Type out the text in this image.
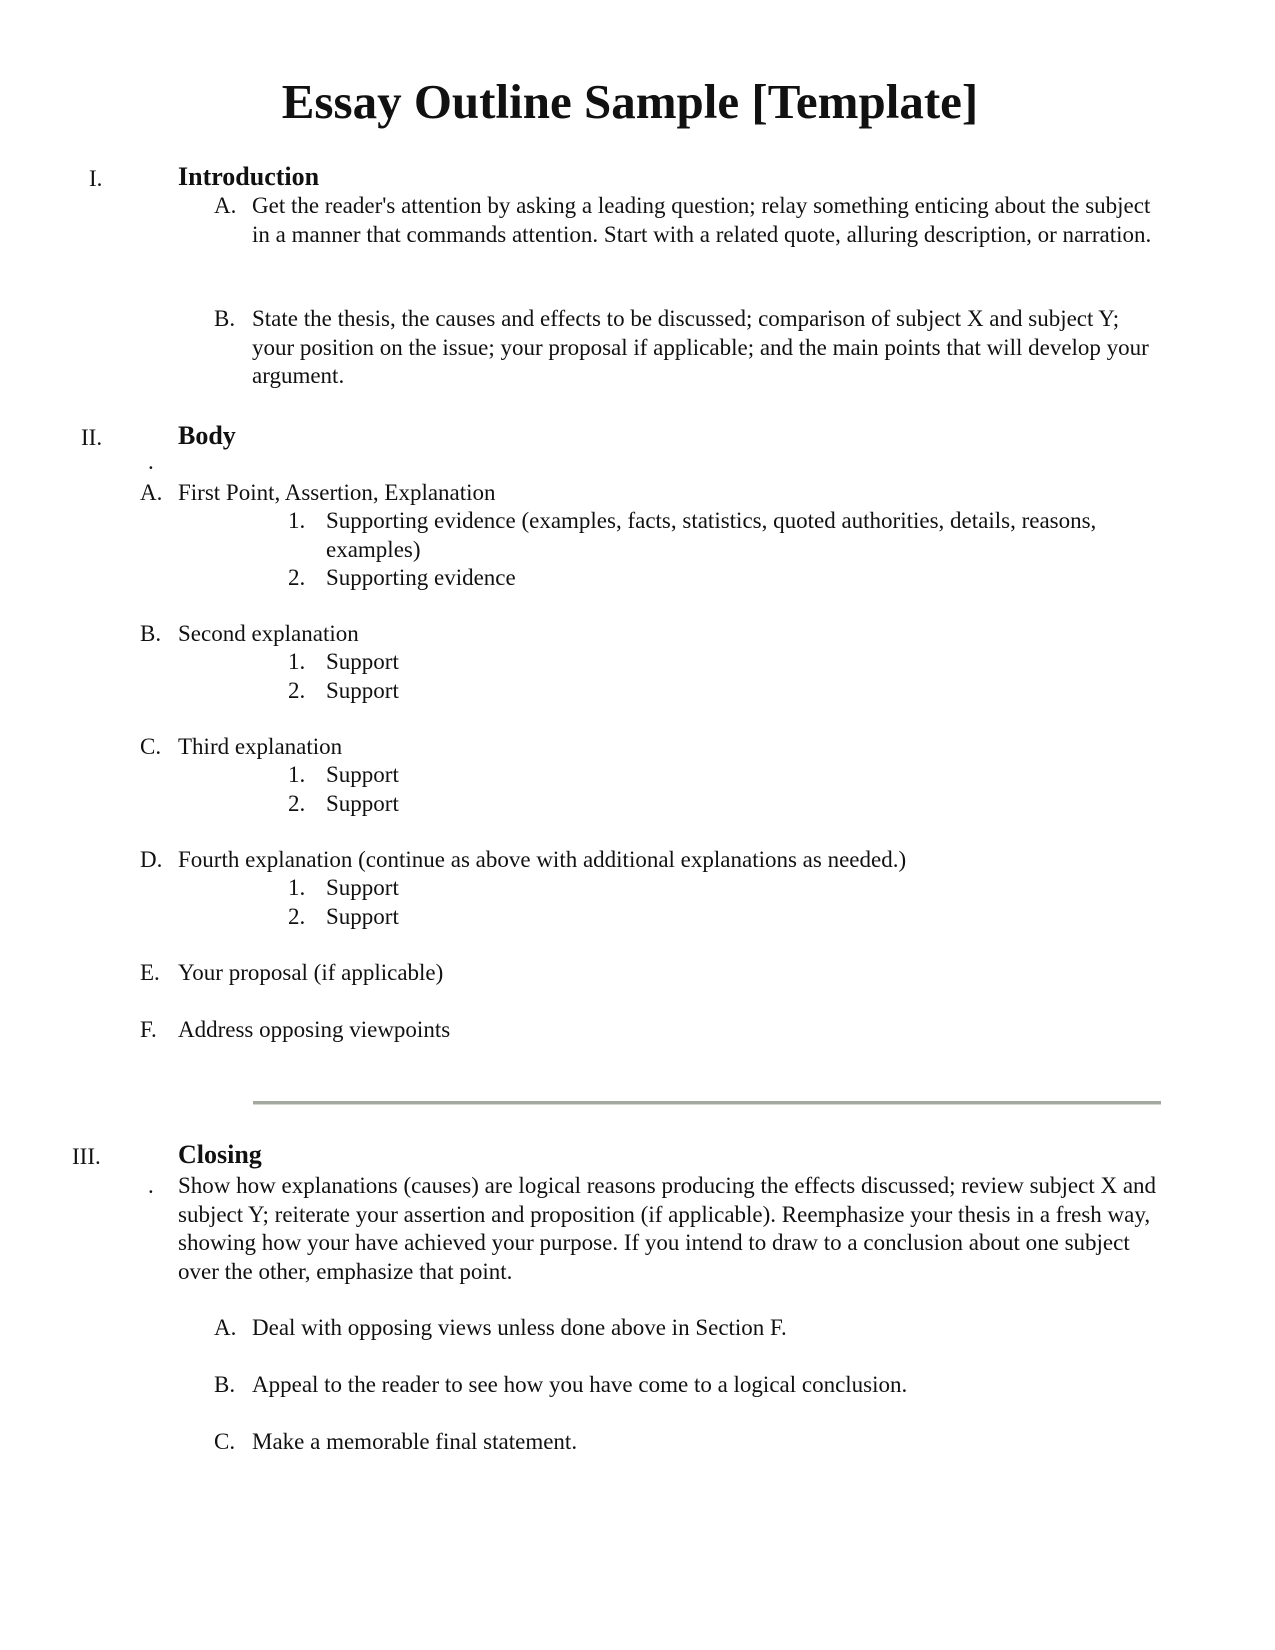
Essay Outline Sample [Template]
I.	Introduction
A. Get the reader's attention by asking a leading question; relay something enticing about the subject in a manner that commands attention. Start with a related quote, alluring description, or narration.
B. State the thesis, the causes and effects to be discussed; comparison of subject X and subject Y; your position on the issue; your proposal if applicable; and the main points that will develop your argument.
II.	Body
.
A. First Point, Assertion, Explanation
1. Supporting evidence (examples, facts, statistics, quoted authorities, details, reasons, examples)
2. Supporting evidence
B. Second explanation
1. Support
2. Support
C. Third explanation
1. Support
2. Support
D. Fourth explanation (continue as above with additional explanations as needed.)
1. Support
2. Support
E. Your proposal (if applicable)
F. Address opposing viewpoints
III.	Closing
. Show how explanations (causes) are logical reasons producing the effects discussed; review subject X and subject Y; reiterate your assertion and proposition (if applicable). Reemphasize your thesis in a fresh way, showing how your have achieved your purpose. If you intend to draw to a conclusion about one subject over the other, emphasize that point.
A. Deal with opposing views unless done above in Section F.
B. Appeal to the reader to see how you have come to a logical conclusion.
C. Make a memorable final statement.
